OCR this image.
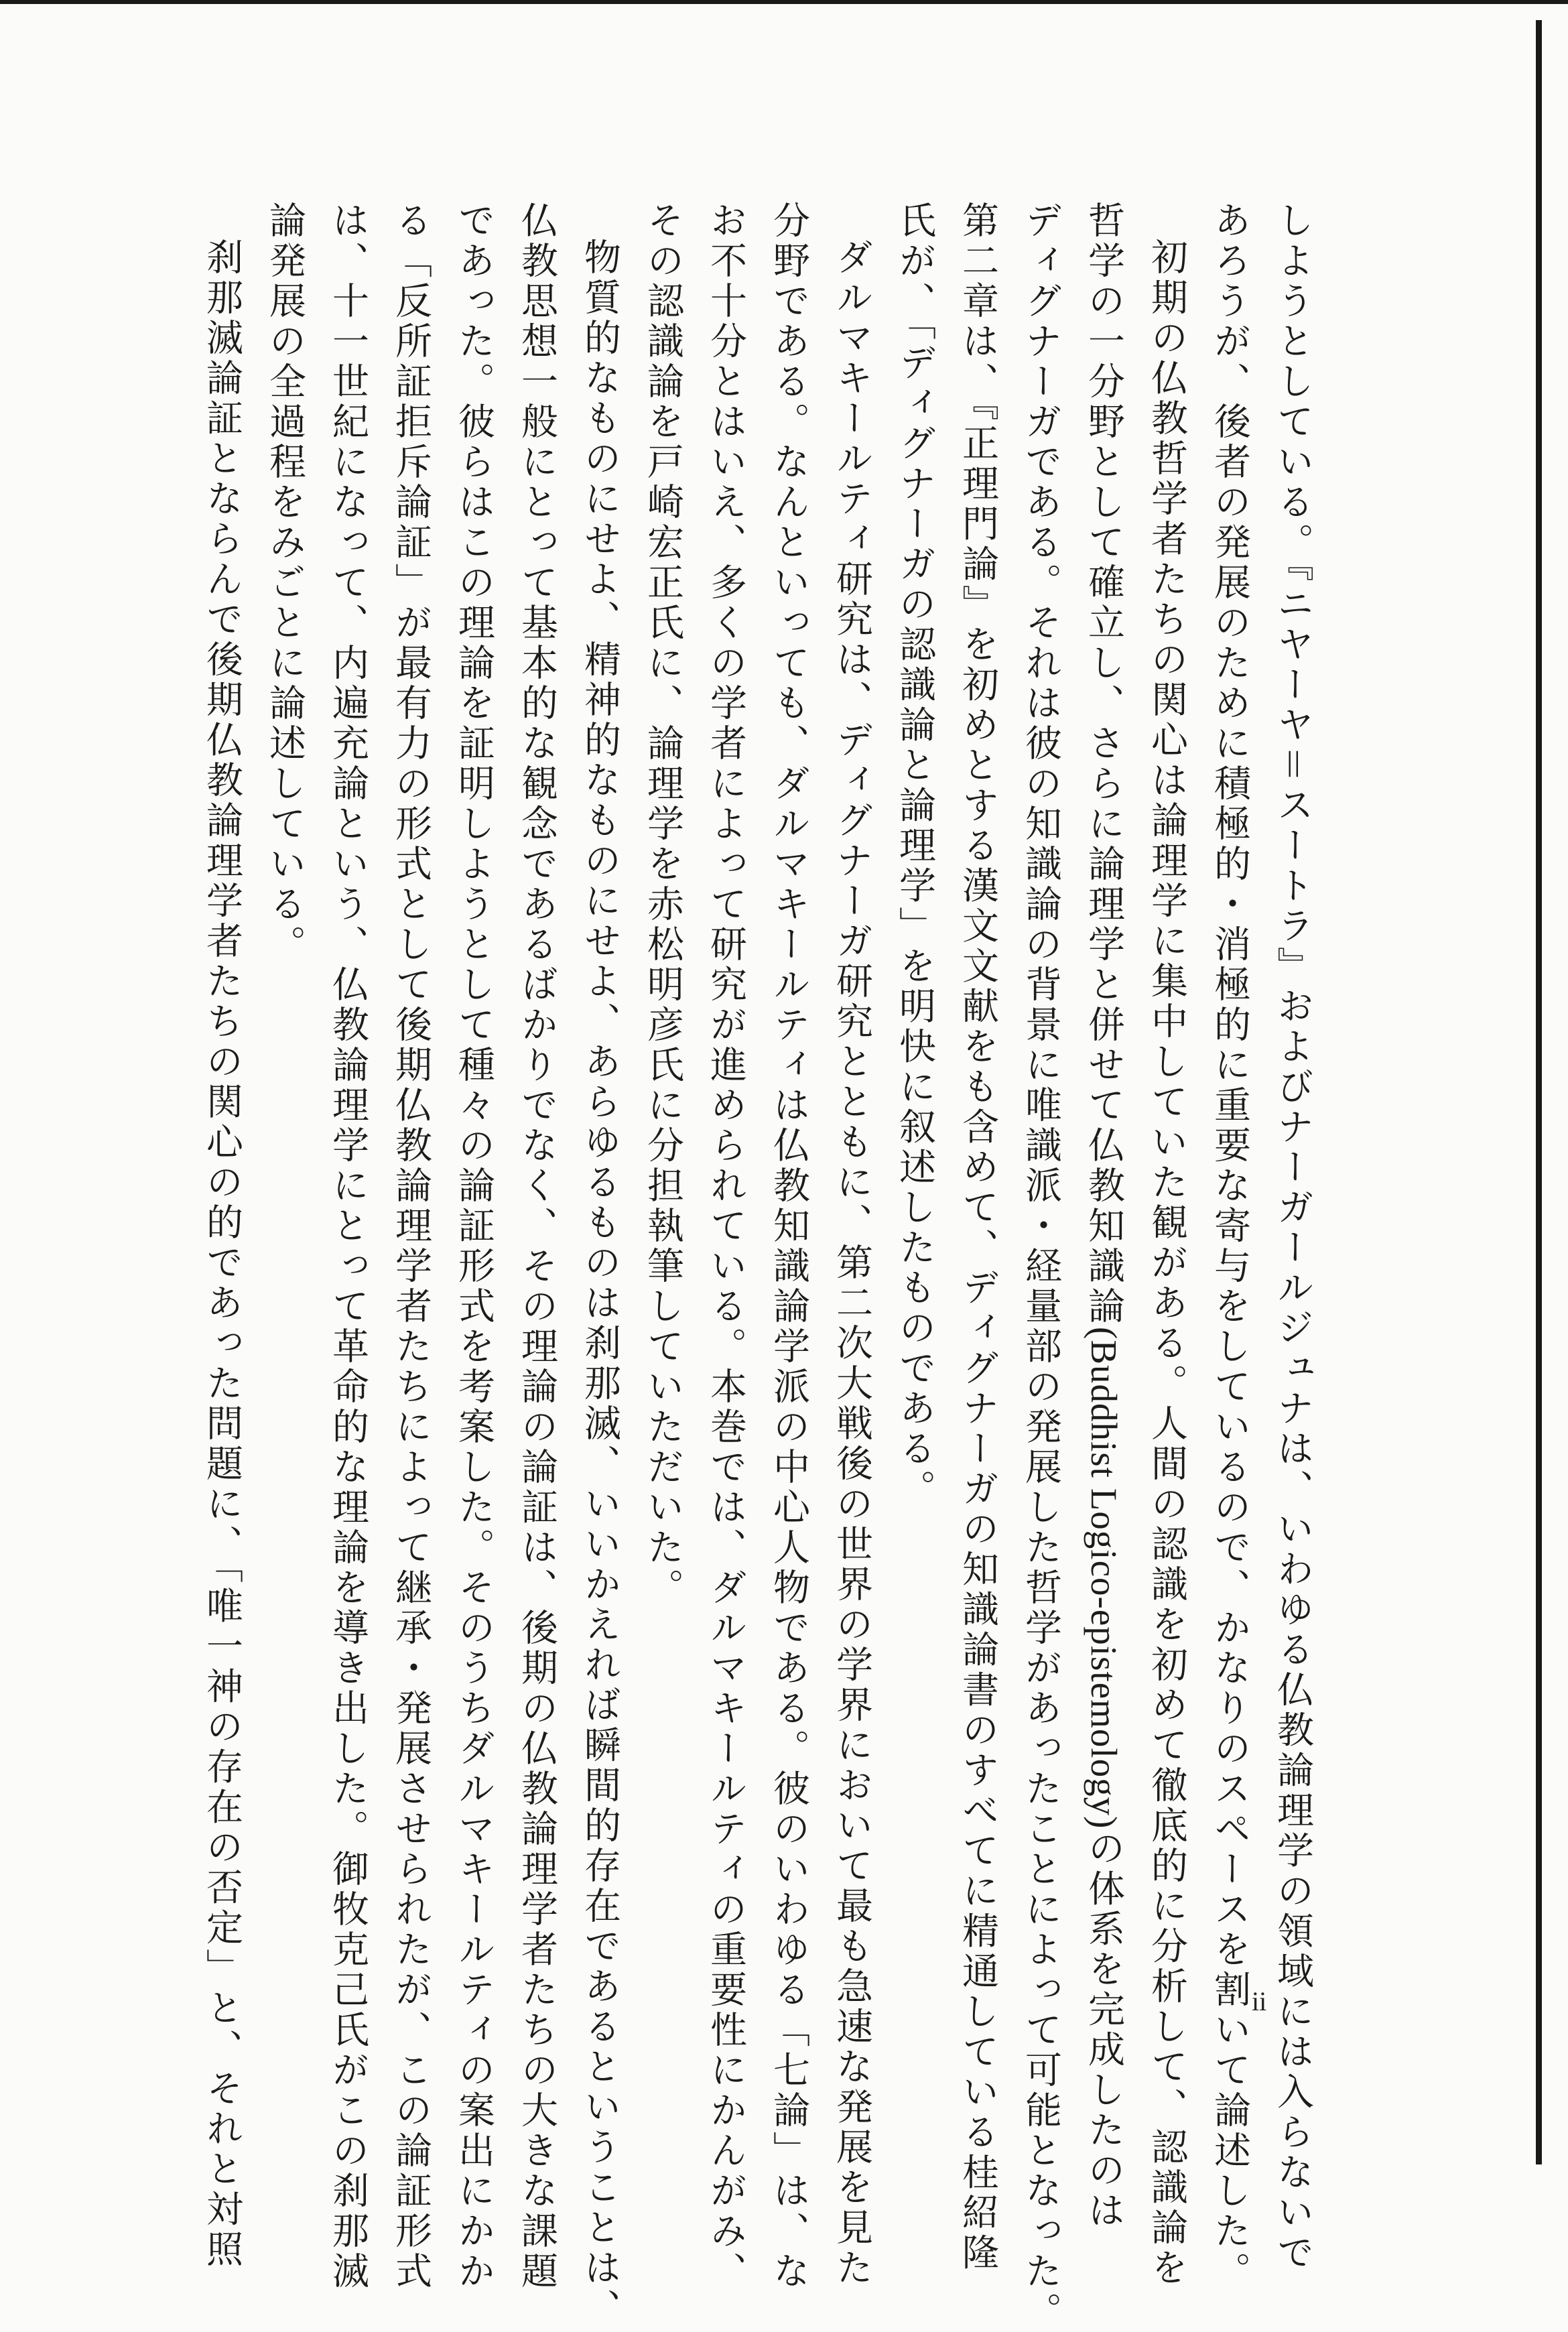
しようとしている。『ニヤーヤ＝スートラ』およびナーガールジュナは、いわゆる仏教論理学の領域には入らないで

あろうが、後者の発展のために積極的・消極的に重要な寄与をしているので、かなりのスペースを割いて論述した。

初期の仏教哲学者たちの関心は論理学に集中していた観がある。人間の認識を初めて徹底的に分析して、認識論を

哲学の一分野として確立し、さらに論理学と併せて仏教知識論(Buddhist Logico-epistemology)の体系を完成したのは

ディグナーガである。それは彼の知識論の背景に唯識派・経量部の発展した哲学があったことによって可能となった。

第二章は、『正理門論』を初めとする漢文文献をも含めて、ディグナーガの知識論書のすべてに精通している桂紹隆

氏が、「ディグナーガの認識論と論理学」を明快に叙述したものである。

ダルマキールティ研究は、ディグナーガ研究とともに、第二次大戦後の世界の学界において最も急速な発展を見た

分野である。なんといっても、ダルマキールティは仏教知識論学派の中心人物である。彼のいわゆる「七論」は、な

お不十分とはいえ、多くの学者によって研究が進められている。本巻では、ダルマキールティの重要性にかんがみ、

その認識論を戸崎宏正氏に、論理学を赤松明彦氏に分担執筆していただいた。

物質的なものにせよ、精神的なものにせよ、あらゆるものは刹那滅、いいかえれば瞬間的存在であるということは、

仏教思想一般にとって基本的な観念であるばかりでなく、その理論の論証は、後期の仏教論理学者たちの大きな課題

であった。彼らはこの理論を証明しようとして種々の論証形式を考案した。そのうちダルマキールティの案出にかか

る「反所証拒斥論証」が最有力の形式として後期仏教論理学者たちによって継承・発展させられたが、この論証形式

は、十一世紀になって、内遍充論という、仏教論理学にとって革命的な理論を導き出した。御牧克己氏がこの刹那滅

論発展の全過程をみごとに論述している。

刹那滅論証とならんで後期仏教論理学者たちの関心の的であった問題に、「唯一神の存在の否定」と、それと対照	ii
